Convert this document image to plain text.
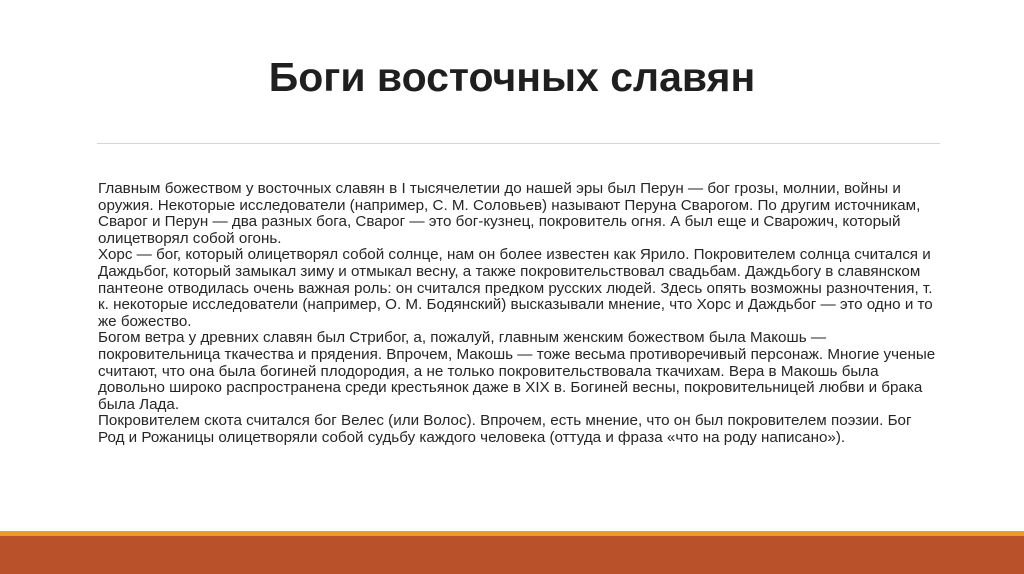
Боги восточных славян

Главным божеством у восточных славян в I тысячелетии до нашей эры был Перун — бог грозы, молнии, войны и оружия. Некоторые исследователи (например, С. М. Соловьев) называют Перуна Сварогом. По другим источникам, Сварог и Перун — два разных бога, Сварог — это бог-кузнец, покровитель огня. А был еще и Сварожич, который олицетворял собой огонь.

Хорс — бог, который олицетворял собой солнце, нам он более известен как Ярило. Покровителем солнца считался и Даждьбог, который замыкал зиму и отмыкал весну, а также покровительствовал свадьбам. Даждьбогу в славянском пантеоне отводилась очень важная роль: он считался предком русских людей. Здесь опять возможны разночтения, т. к. некоторые исследователи (например, О. М. Бодянский) высказывали мнение, что Хорс и Даждьбог — это одно и то же божество.

Богом ветра у древних славян был Стрибог, а, пожалуй, главным женским божеством была Макошь — покровительница ткачества и прядения. Впрочем, Макошь — тоже весьма противоречивый персонаж. Многие ученые считают, что она была богиней плодородия, а не только покровительствовала ткачихам. Вера в Макошь была довольно широко распространена среди крестьянок даже в XIX в. Богиней весны, покровительницей любви и брака была Лада.

Покровителем скота считался бог Велес (или Волос). Впрочем, есть мнение, что он был покровителем поэзии. Бог Род и Рожаницы олицетворяли собой судьбу каждого человека (оттуда и фраза «что на роду написано»).
